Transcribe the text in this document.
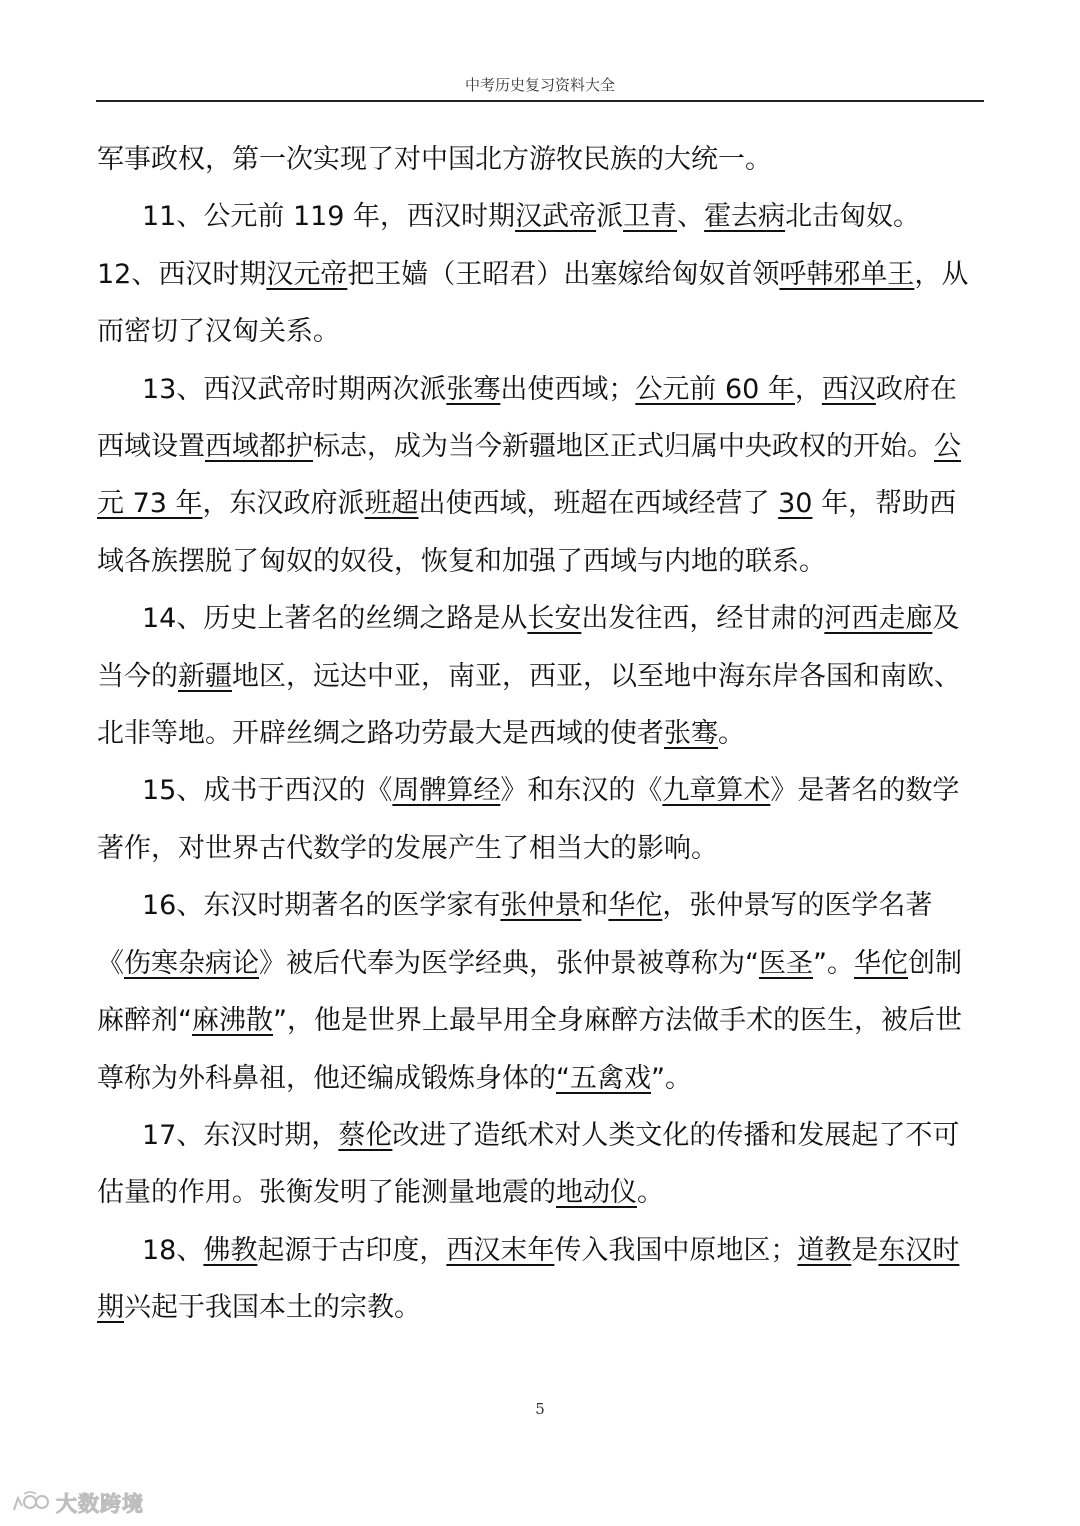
中考历史复习资料大全

军事政权，第一次实现了对中国北方游牧民族的大统一。

11、公元前 119 年，西汉时期汉武帝派卫青、霍去病北击匈奴。

12、西汉时期汉元帝把王嫱（王昭君）出塞嫁给匈奴首领呼韩邪单王，从而密切了汉匈关系。

13、西汉武帝时期两次派张骞出使西域；公元前 60 年，西汉政府在西域设置西域都护标志，成为当今新疆地区正式归属中央政权的开始。公元 73 年，东汉政府派班超出使西域，班超在西域经营了 30 年，帮助西域各族摆脱了匈奴的奴役，恢复和加强了西域与内地的联系。

14、历史上著名的丝绸之路是从长安出发往西，经甘肃的河西走廊及当今的新疆地区，远达中亚，南亚，西亚，以至地中海东岸各国和南欧、北非等地。开辟丝绸之路功劳最大是西域的使者张骞。

15、成书于西汉的《周髀算经》和东汉的《九章算术》是著名的数学著作，对世界古代数学的发展产生了相当大的影响。

16、东汉时期著名的医学家有张仲景和华佗，张仲景写的医学名著《伤寒杂病论》被后代奉为医学经典，张仲景被尊称为“医圣”。华佗创制麻醉剂“麻沸散”，他是世界上最早用全身麻醉方法做手术的医生，被后世尊称为外科鼻祖，他还编成锻炼身体的“五禽戏”。

17、东汉时期，蔡伦改进了造纸术对人类文化的传播和发展起了不可估量的作用。张衡发明了能测量地震的地动仪。

18、佛教起源于古印度，西汉末年传入我国中原地区；道教是东汉时期兴起于我国本土的宗教。

5
大数跨境
